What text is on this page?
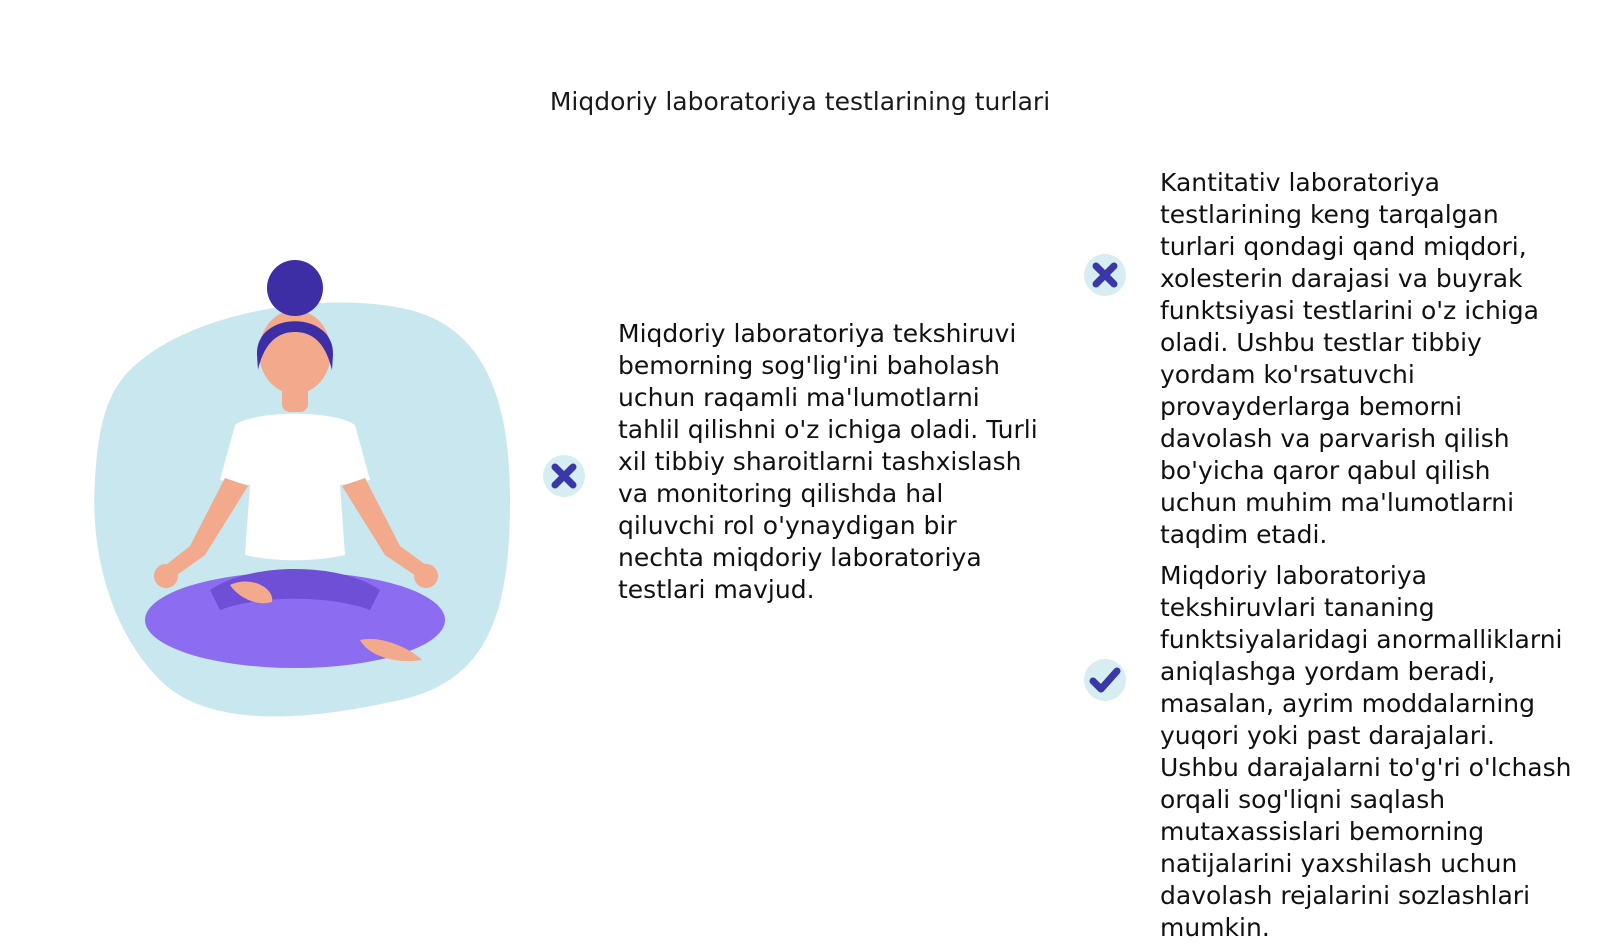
Miqdoriy laboratoriya testlarining turlari
Miqdoriy laboratoriya tekshiruvi bemorning sog'lig'ini baholash uchun raqamli ma'lumotlarni tahlil qilishni o'z ichiga oladi. Turli xil tibbiy sharoitlarni tashxislash va monitoring qilishda hal qiluvchi rol o'ynaydigan bir nechta miqdoriy laboratoriya testlari mavjud.
Kantitativ laboratoriya testlarining keng tarqalgan turlari qondagi qand miqdori, xolesterin darajasi va buyrak funktsiyasi testlarini o'z ichiga oladi. Ushbu testlar tibbiy yordam ko'rsatuvchi provayderlarga bemorni davolash va parvarish qilish bo'yicha qaror qabul qilish uchun muhim ma'lumotlarni taqdim etadi.
Miqdoriy laboratoriya tekshiruvlari tananing funktsiyalaridagi anormalliklarni aniqlashga yordam beradi, masalan, ayrim moddalarning yuqori yoki past darajalari. Ushbu darajalarni to'g'ri o'lchash orqali sog'liqni saqlash mutaxassislari bemorning natijalarini yaxshilash uchun davolash rejalarini sozlashlari mumkin.
